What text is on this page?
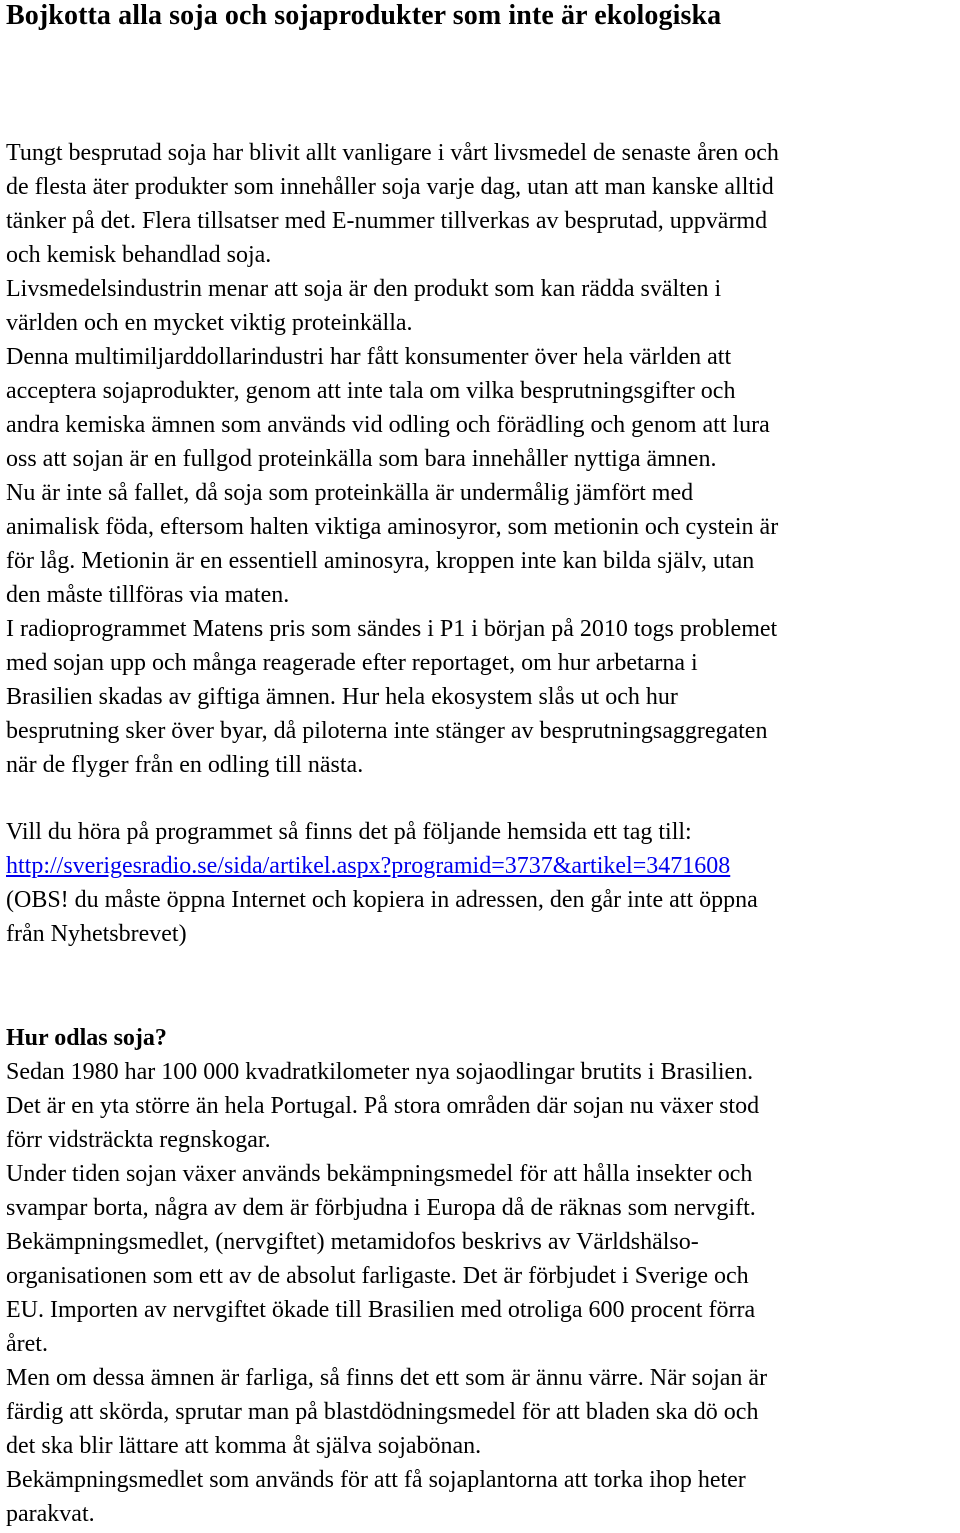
Bojkotta alla soja och sojaprodukter som inte är ekologiska
Tungt besprutad soja har blivit allt vanligare i vårt livsmedel de senaste åren och
de flesta äter produkter som innehåller soja varje dag, utan att man kanske alltid
tänker på det. Flera tillsatser med E-nummer tillverkas av besprutad, uppvärmd
och kemisk behandlad soja.
Livsmedelsindustrin menar att soja är den produkt som kan rädda svälten i
världen och en mycket viktig proteinkälla.
Denna multimiljarddollarindustri har fått konsumenter över hela världen att
acceptera sojaprodukter, genom att inte tala om vilka besprutningsgifter och
andra kemiska ämnen som används vid odling och förädling och genom att lura
oss att sojan är en fullgod proteinkälla som bara innehåller nyttiga ämnen.
Nu är inte så fallet, då soja som proteinkälla är undermålig jämfört med
animalisk föda, eftersom halten viktiga aminosyror, som metionin och cystein är
för låg. Metionin är en essentiell aminosyra, kroppen inte kan bilda själv, utan
den måste tillföras via maten.
I radioprogrammet Matens pris som sändes i P1 i början på 2010 togs problemet
med sojan upp och många reagerade efter reportaget, om hur arbetarna i
Brasilien skadas av giftiga ämnen. Hur hela ekosystem slås ut och hur
besprutning sker över byar, då piloterna inte stänger av besprutningsaggregaten
när de flyger från en odling till nästa.
Vill du höra på programmet så finns det på följande hemsida ett tag till:
http://sverigesradio.se/sida/artikel.aspx?programid=3737&artikel=3471608
(OBS! du måste öppna Internet och kopiera in adressen, den går inte att öppna
från Nyhetsbrevet)
Hur odlas soja?
Sedan 1980 har 100 000 kvadratkilometer nya sojaodlingar brutits i Brasilien.
Det är en yta större än hela Portugal. På stora områden där sojan nu växer stod
förr vidsträckta regnskogar.
Under tiden sojan växer används bekämpningsmedel för att hålla insekter och
svampar borta, några av dem är förbjudna i Europa då de räknas som nervgift.
Bekämpningsmedlet, (nervgiftet) metamidofos beskrivs av Världshälso-
organisationen som ett av de absolut farligaste. Det är förbjudet i Sverige och
EU. Importen av nervgiftet ökade till Brasilien med otroliga 600 procent förra
året.
Men om dessa ämnen är farliga, så finns det ett som är ännu värre. När sojan är
färdig att skörda, sprutar man på blastdödningsmedel för att bladen ska dö och
det ska blir lättare att komma åt själva sojabönan.
Bekämpningsmedlet som används för att få sojaplantorna att torka ihop heter
parakvat.
